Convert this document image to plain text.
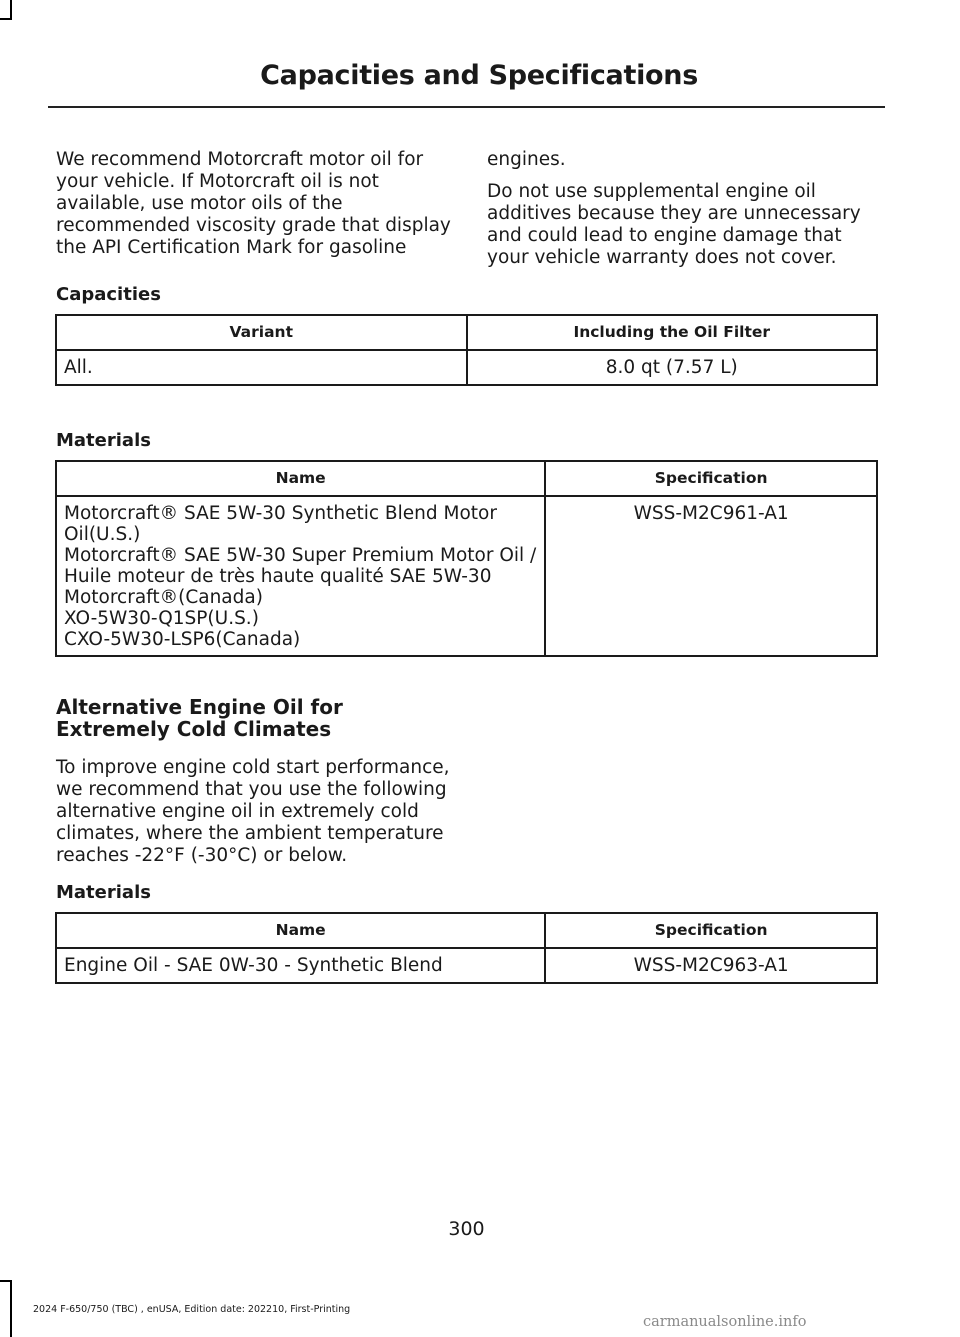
Capacities and Specifications

We recommend Motorcraft motor oil for your vehicle. If Motorcraft oil is not available, use motor oils of the recommended viscosity grade that display the API Certification Mark for gasoline

engines.

Do not use supplemental engine oil additives because they are unnecessary and could lead to engine damage that your vehicle warranty does not cover.

Capacities
Variant	Including the Oil Filter
All.	8.0 qt (7.57 L)
Materials
Name	Specification

Motorcraft® SAE 5W-30 Synthetic Blend Motor Oil(U.S.)
Motorcraft® SAE 5W-30 Super Premium Motor Oil / Huile moteur de très haute qualité SAE 5W-30 Motorcraft®(Canada)
XO-5W30-Q1SP(U.S.)
CXO-5W30-LSP6(Canada)	WSS-M2C961-A1
Alternative Engine Oil for Extremely Cold Climates
To improve engine cold start performance, we recommend that you use the following alternative engine oil in extremely cold climates, where the ambient temperature reaches -22°F (-30°C) or below.
Materials
Name	Specification
Engine Oil - SAE 0W-30 - Synthetic Blend	WSS-M2C963-A1
300
2024 F-650/750 (TBC) , enUSA, Edition date: 202210, First-Printing
carmanualsonline.info
